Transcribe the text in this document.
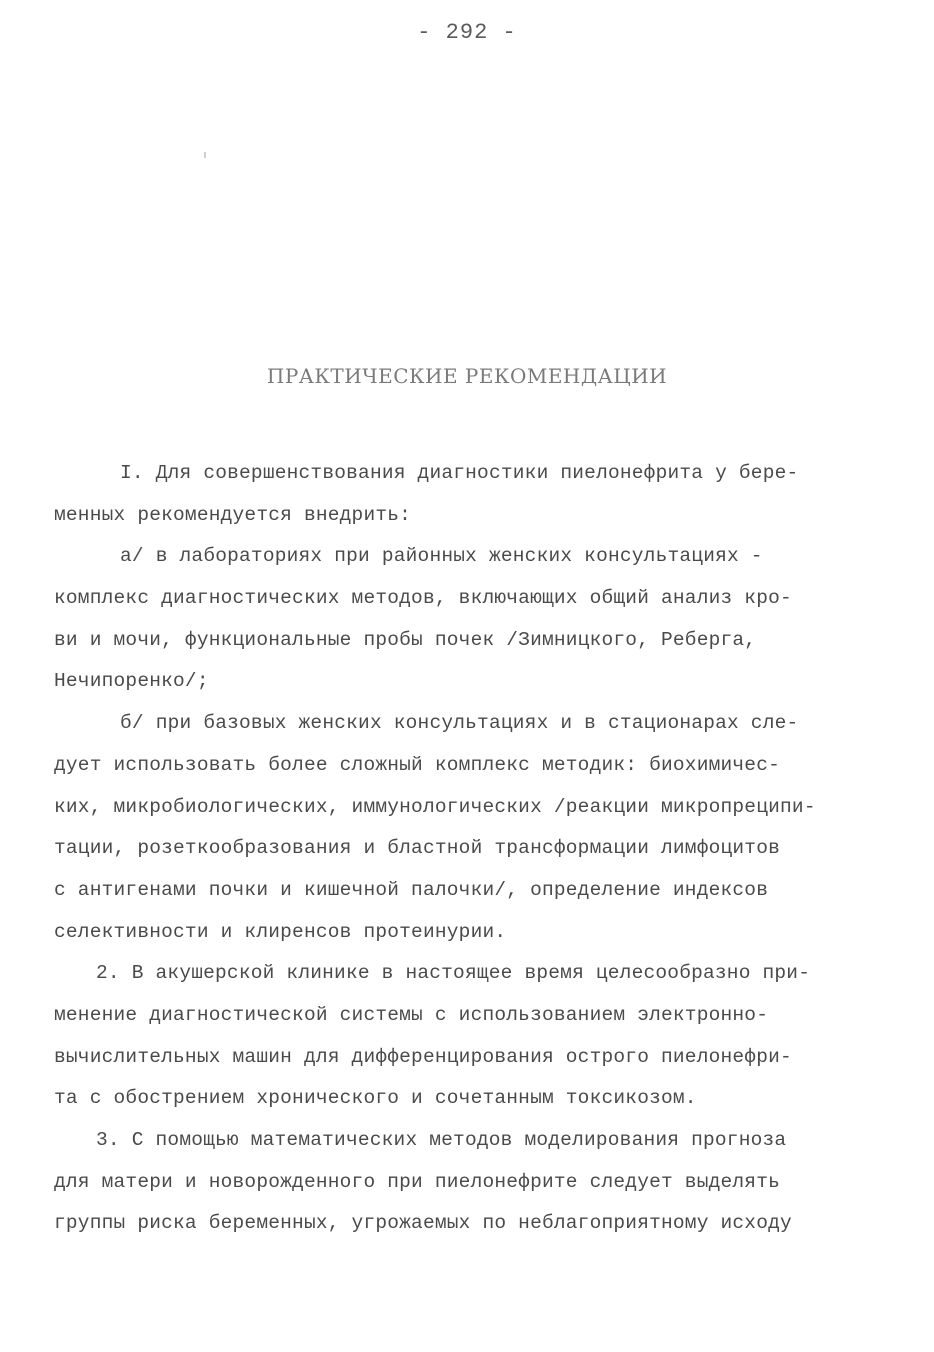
- 292 -
ПРАКТИЧЕСКИЕ РЕКОМЕНДАЦИИ
I. Для совершенствования диагностики пиелонефрита у бере-
менных рекомендуется внедрить:
а/ в лабораториях при районных женских консультациях -
комплекс диагностических методов, включающих общий анализ кро-
ви и мочи, функциональные пробы почек /Зимницкого, Реберга,
Нечипоренко/;
б/ при базовых женских консультациях и в стационарах сле-
дует использовать более сложный комплекс методик: биохимичес-
ких, микробиологических, иммунологических /реакции микропреципи-
тации, розеткообразования и бластной трансформации лимфоцитов
с антигенами почки и кишечной палочки/, определение индексов
селективности и клиренсов протеинурии.
2. В акушерской клинике в настоящее время целесообразно при-
менение диагностической системы с использованием электронно-
вычислительных машин для дифференцирования острого пиелонефри-
та с обострением хронического и сочетанным токсикозом.
3. С помощью математических методов моделирования прогноза
для матери и новорожденного при пиелонефрите следует выделять
группы риска беременных, угрожаемых по неблагоприятному исходу
